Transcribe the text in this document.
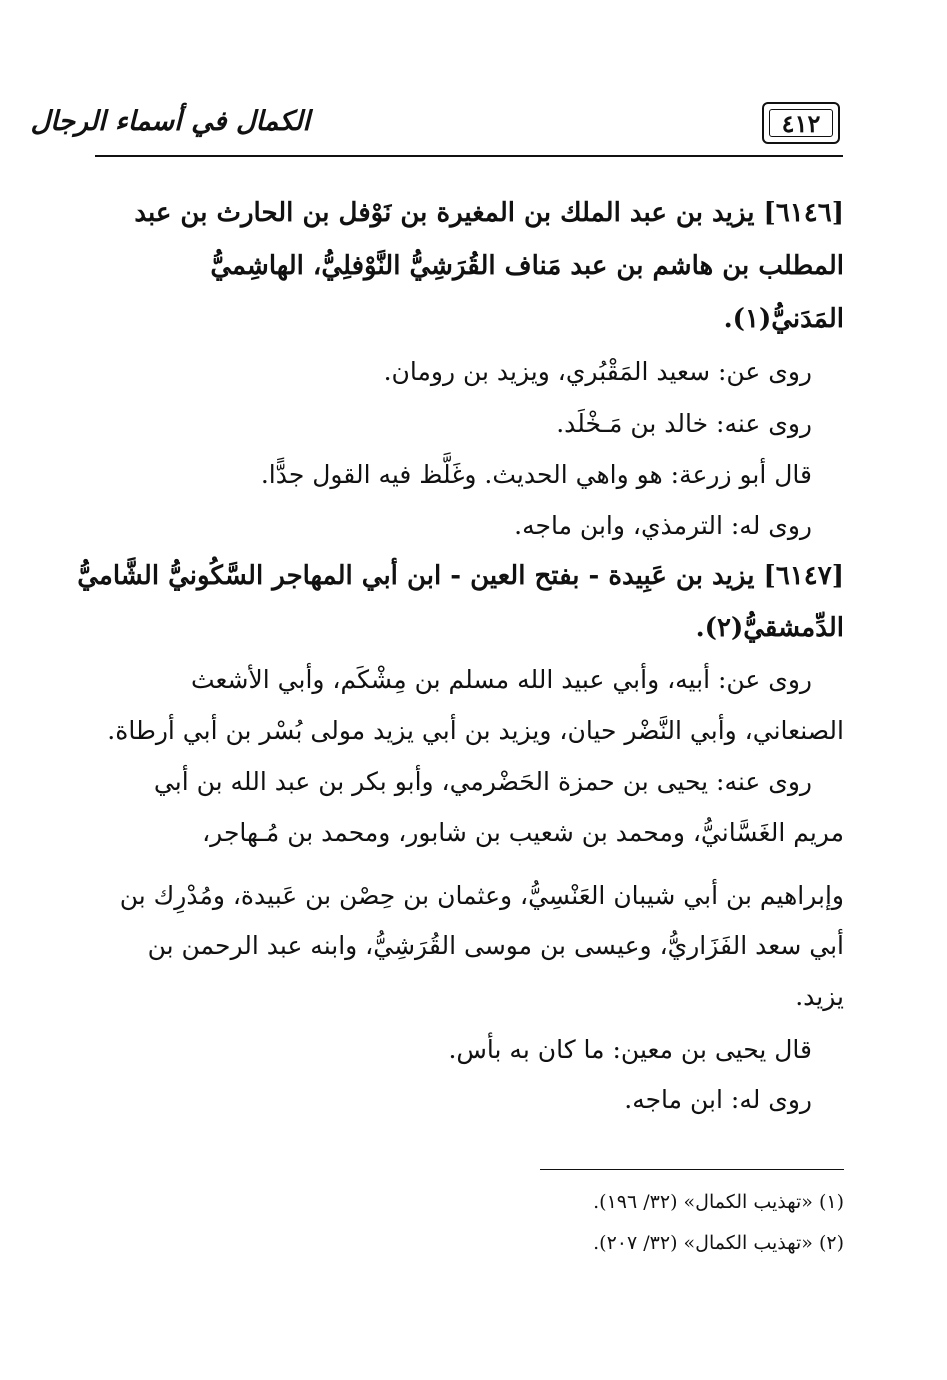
٤١٢
الكمال في أسماء الرجال
[٦١٤٦] يزيد بن عبد الملك بن المغيرة بن نَوْفل بن الحارث بن عبد
المطلب بن هاشم بن عبد مَناف القُرَشِيُّ النَّوْفلِيُّ، الهاشِميُّ
المَدَنيُّ(١).
روى عن: سعيد المَقْبُري، ويزيد بن رومان.
روى عنه: خالد بن مَـخْلَد.
قال أبو زرعة: هو واهي الحديث. وغَلَّظ فيه القول جدًّا.
روى له: الترمذي، وابن ماجه.
[٦١٤٧] يزيد بن عَبِيدة - بفتح العين - ابن أبي المهاجر السَّكُونيُّ الشَّاميُّ
الدِّمشقيُّ(٢).
روى عن: أبيه، وأبي عبيد الله مسلم بن مِشْكَم، وأبي الأشعث
الصنعاني، وأبي النَّضْر حيان، ويزيد بن أبي يزيد مولى بُسْر بن أبي أرطاة.
روى عنه: يحيى بن حمزة الحَضْرمي، وأبو بكر بن عبد الله بن أبي
مريم الغَسَّانيُّ، ومحمد بن شعيب بن شابور، ومحمد بن مُـهاجر،
وإبراهيم بن أبي شيبان العَنْسِيُّ، وعثمان بن حِصْن بن عَبيدة، ومُدْرِك بن
أبي سعد الفَزَاريُّ، وعيسى بن موسى القُرَشِيُّ، وابنه عبد الرحمن بن
يزيد.
قال يحيى بن معين: ما كان به بأس.
روى له: ابن ماجه.
(١) «تهذيب الكمال» (٣٢/ ١٩٦).
(٢) «تهذيب الكمال» (٣٢/ ٢٠٧).
